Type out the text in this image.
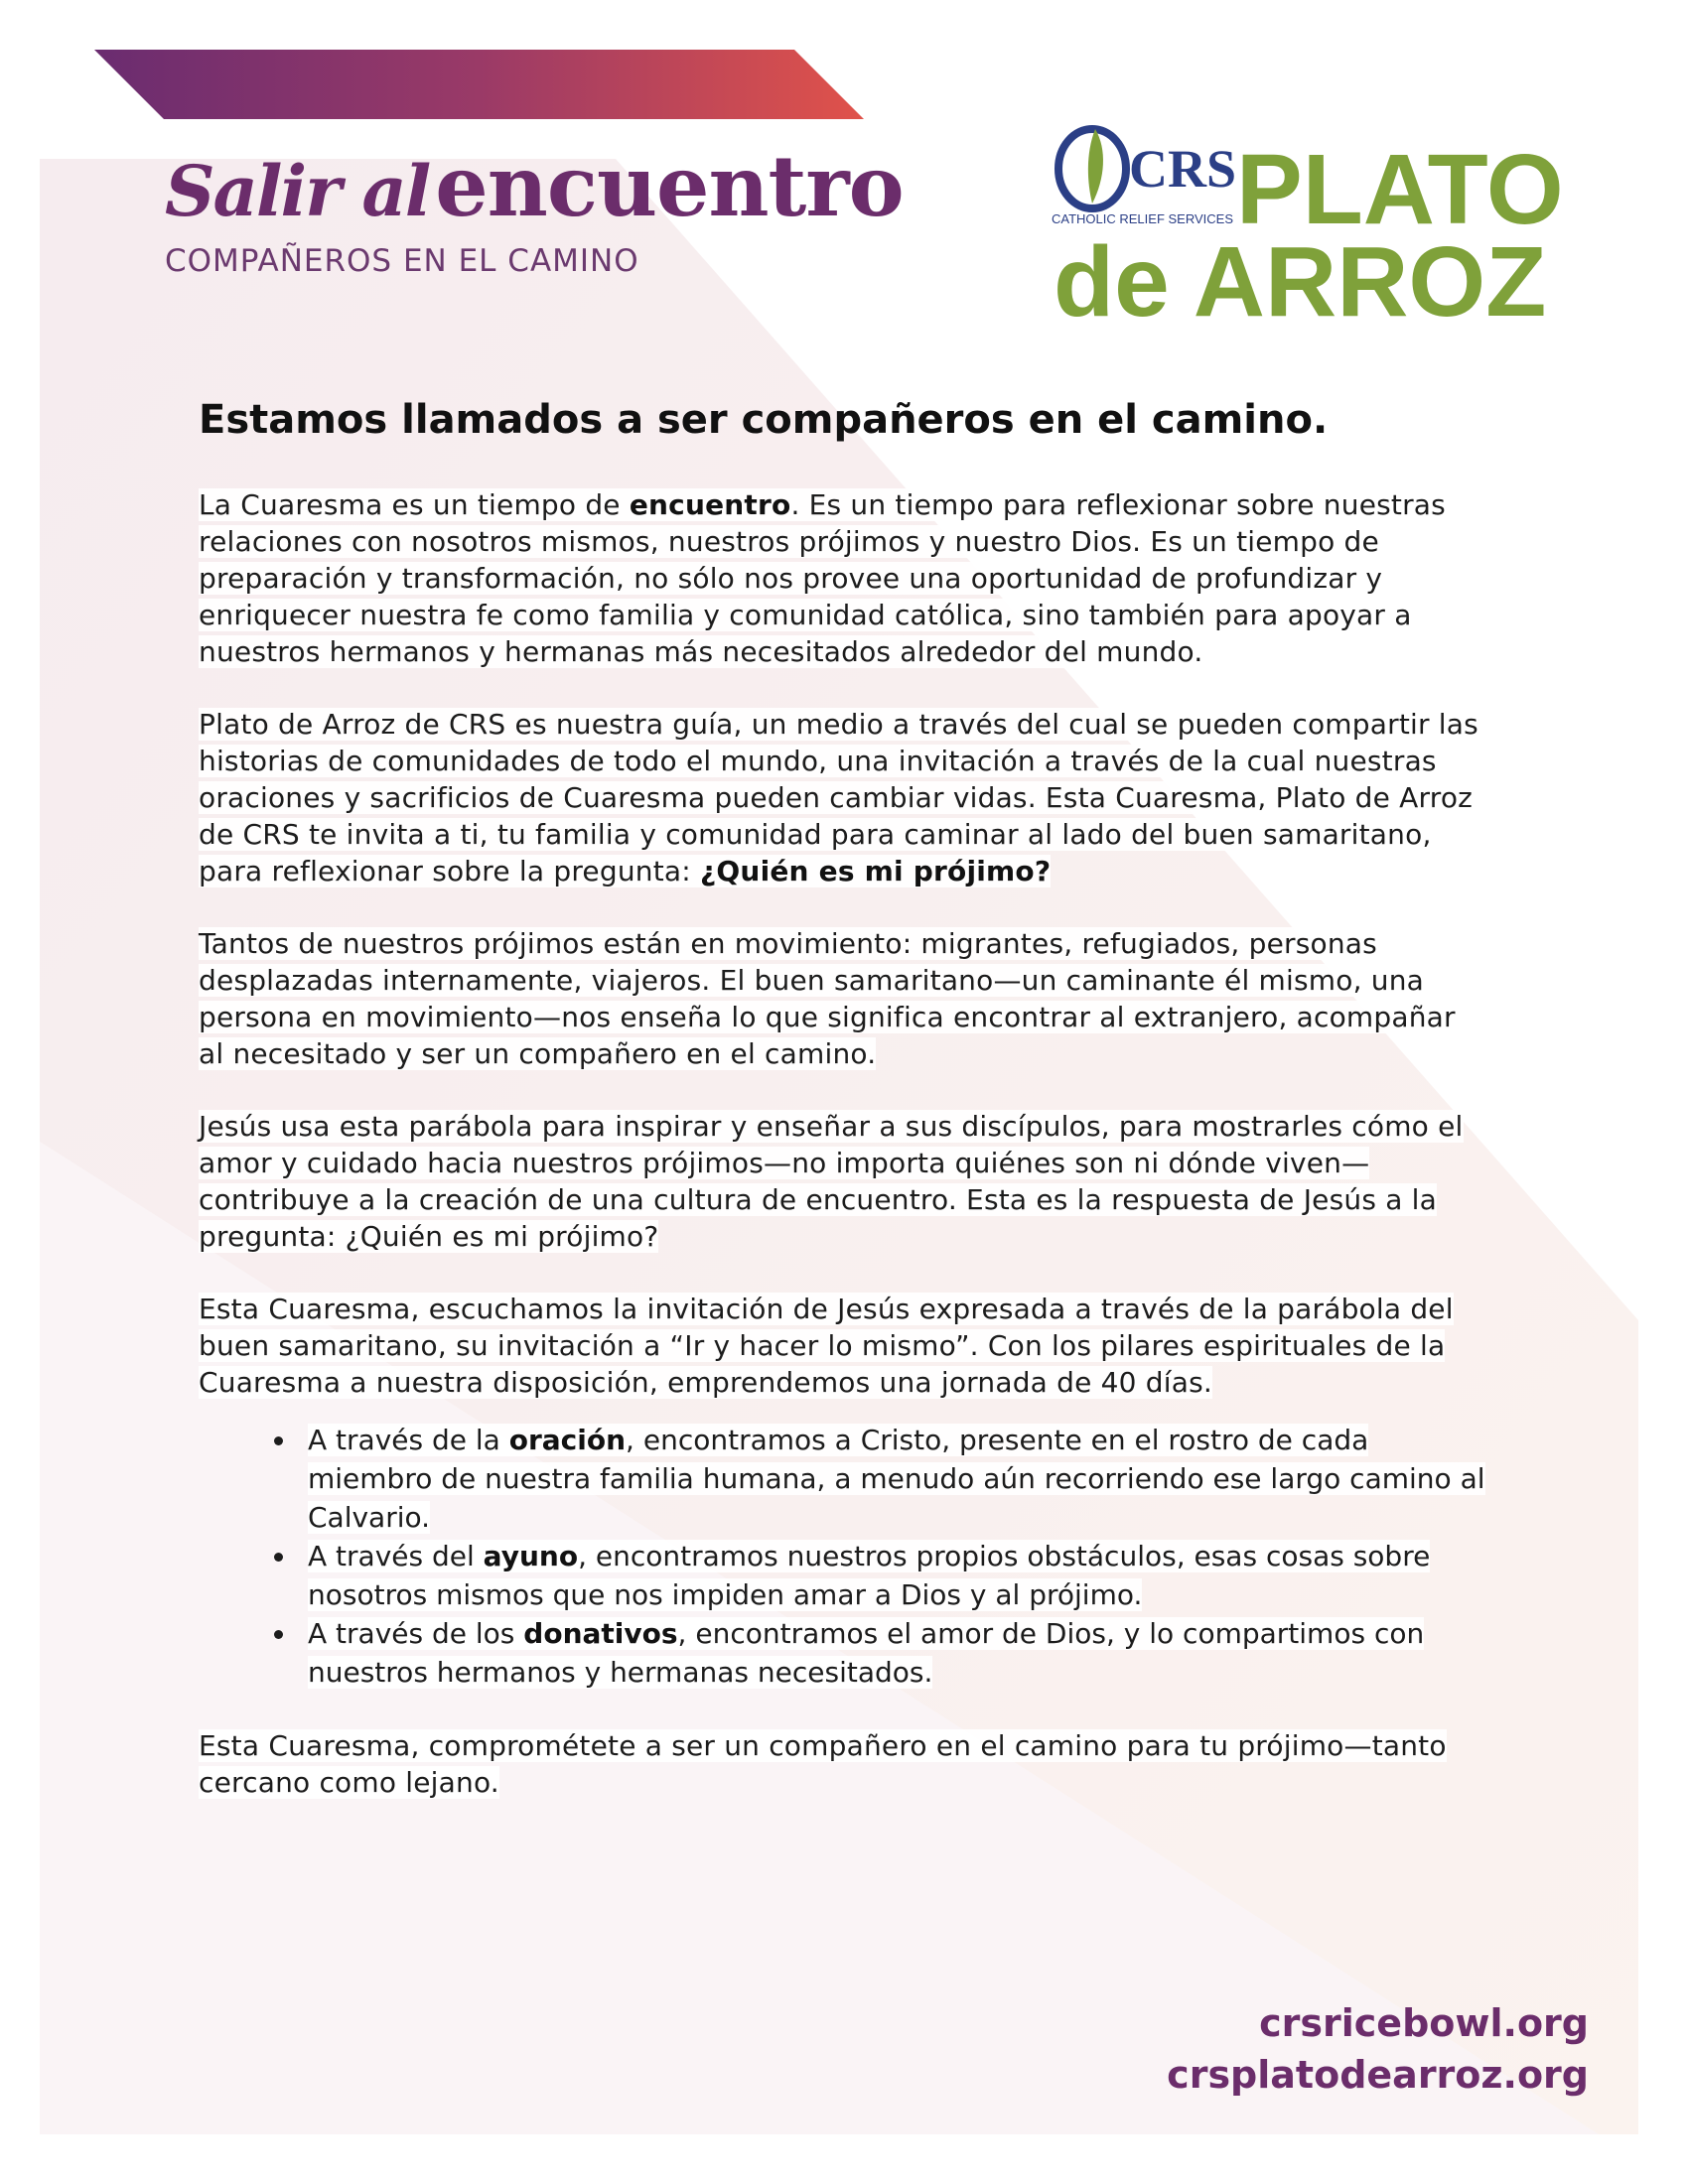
Salir alencuentro
COMPAÑEROS EN EL CAMINO
CRS
CATHOLIC RELIEF SERVICES PLATO
de ARROZ
Estamos llamados a ser compañeros en el camino.

La Cuaresma es un tiempo de encuentro. Es un tiempo para reflexionar sobre nuestras relaciones con nosotros mismos, nuestros prójimos y nuestro Dios. Es un tiempo de preparación y transformación, no sólo nos provee una oportunidad de profundizar y enriquecer nuestra fe como familia y comunidad católica, sino también para apoyar a nuestros hermanos y hermanas más necesitados alrededor del mundo.

Plato de Arroz de CRS es nuestra guía, un medio a través del cual se pueden compartir las historias de comunidades de todo el mundo, una invitación a través de la cual nuestras oraciones y sacrificios de Cuaresma pueden cambiar vidas. Esta Cuaresma, Plato de Arroz de CRS te invita a ti, tu familia y comunidad para caminar al lado del buen samaritano, para reflexionar sobre la pregunta: ¿Quién es mi prójimo?

Tantos de nuestros prójimos están en movimiento: migrantes, refugiados, personas desplazadas internamente, viajeros. El buen samaritano—un caminante él mismo, una persona en movimiento—nos enseña lo que significa encontrar al extranjero, acompañar al necesitado y ser un compañero en el camino.

Jesús usa esta parábola para inspirar y enseñar a sus discípulos, para mostrarles cómo el amor y cuidado hacia nuestros prójimos—no importa quiénes son ni dónde viven—contribuye a la creación de una cultura de encuentro. Esta es la respuesta de Jesús a la pregunta: ¿Quién es mi prójimo?

Esta Cuaresma, escuchamos la invitación de Jesús expresada a través de la parábola del buen samaritano, su invitación a “Ir y hacer lo mismo”. Con los pilares espirituales de la Cuaresma a nuestra disposición, emprendemos una jornada de 40 días.

• A través de la oración, encontramos a Cristo, presente en el rostro de cada miembro de nuestra familia humana, a menudo aún recorriendo ese largo camino al Calvario.
• A través del ayuno, encontramos nuestros propios obstáculos, esas cosas sobre nosotros mismos que nos impiden amar a Dios y al prójimo.
• A través de los donativos, encontramos el amor de Dios, y lo compartimos con nuestros hermanos y hermanas necesitados.

Esta Cuaresma, comprométete a ser un compañero en el camino para tu prójimo—tanto cercano como lejano.

crsricebowl.org
crsplatodearroz.org
